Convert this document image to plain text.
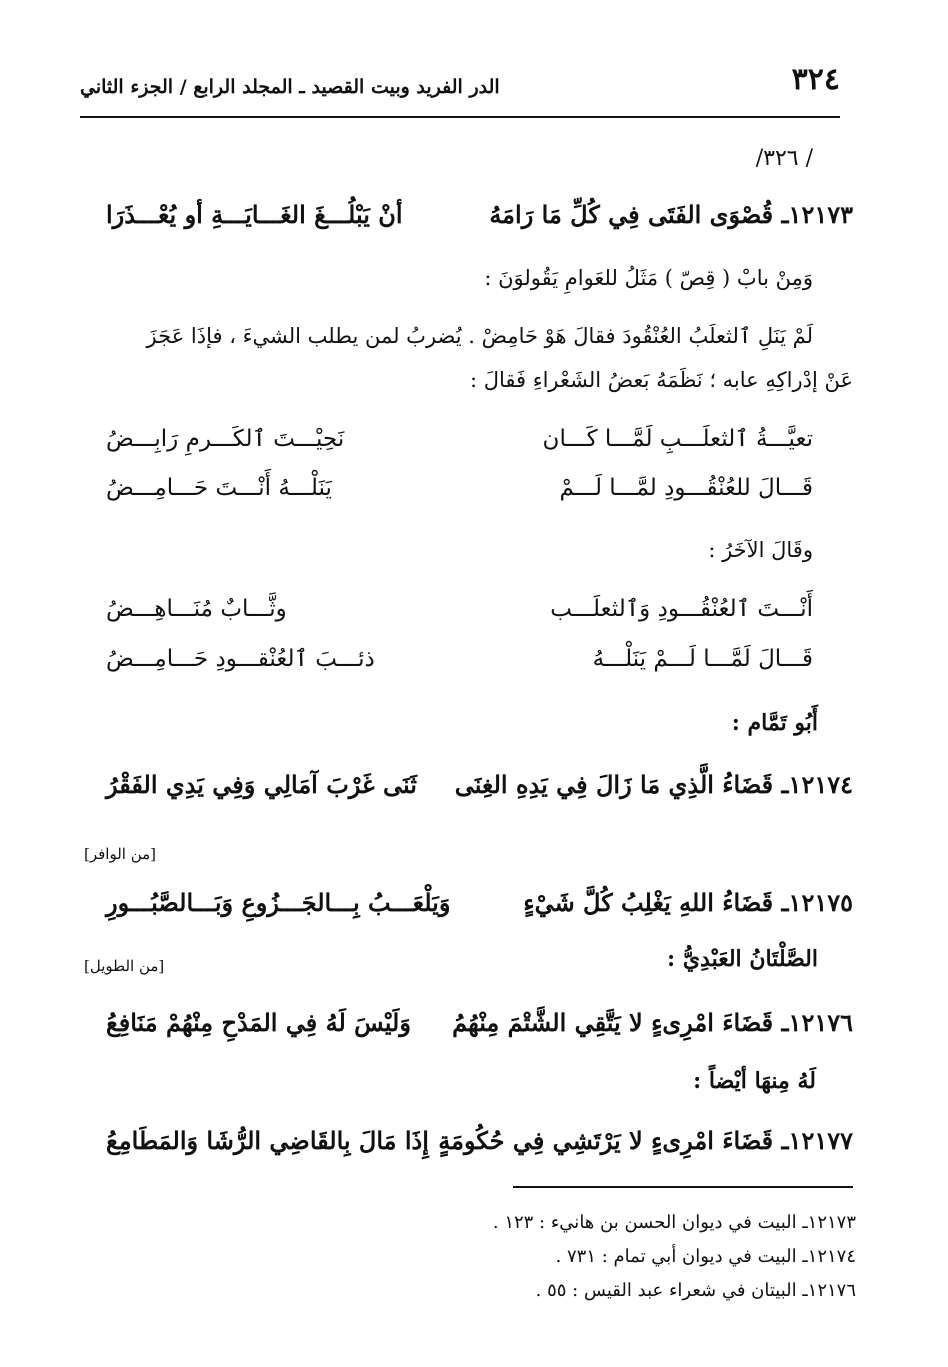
٣٢٤
الدر الفريد وبيت القصيد ـ المجلد الرابع / الجزء الثاني
/ ٣٢٦/
١٢١٧٣ـ قُصْوَى الفَتَى فِي كُلِّ مَا رَامَهُ
أنْ يَبْلُـــغَ الغَـــايَـــةِ أو يُعْـــذَرَا
وَمِنْ بابْ ( قِصّ ) مَثَلُ للعَوامِ يَقُولوَنَ :
لَمْ يَنَلِ ٱلثعلَبُ العُنْقُودَ فقالَ هَوْ حَامِضْ . يُضربُ لمن يطلب الشيءَ ، فإذَا عَجَزَ
عَنْ إدْراكِهِ عابه ؛ نَظَمَهُ بَعضُ الشَعْراءِ فَقالَ :
تعيَّـــةُ ٱلثعلَـــبِ لَمَّـــا كَـــان
نَحِيْـــتَ ٱلكَـــرمِ رَابِـــضُ
قَـــالَ للعُنْقُـــودِ لمَّـــا لَـــمْ
يَنَلْـــهُ أَنْـــتَ حَـــامِـــضُ
وقَالَ الآخَرُ :
أَنْـــتَ ٱلعُنْقُـــودِ وَٱلثعلَـــب
وثَّـــابٌ مُنَـــاهِـــضُ
قَـــالَ لَمَّـــا لَـــمْ يَنَلْـــهُ
ذئـــبَ ٱلعُنْقـــودِ حَـــامِـــضُ
أَبُو تَمَّام :
١٢١٧٤ـ قَضَاءُ الَّذِي مَا زَالَ فِي يَدِهِ الغِنَى
ثَنَى غَرْبَ آمَالِي وَفِي يَدِي الفَقْرُ
[من الوافر]
١٢١٧٥ـ قَضَاءُ اللهِ يَغْلِبُ كُلَّ شَيْءٍ
وَيَلْعَـــبُ بِـــالجَـــزُوعِ وَبَـــالصَّبُـــورِ
الصَّلْتَانُ العَبْدِيُّ :
[من الطويل]
١٢١٧٦ـ قَضَاءَ امْرِىءٍ لا يَتَّقِي الشَّتْمَ مِنْهُمُ
وَلَيْسَ لَهُ فِي المَدْحِ مِنْهُمْ مَنَافِعُ
لَهُ مِنهَا أيْضاً :
١٢١٧٧ـ قَضَاءَ امْرِىءٍ لا يَرْتَشِي فِي حُكُومَةٍ
إِذَا مَالَ بِالقَاضِي الرُّشَا وَالمَطَامِعُ
١٢١٧٣ـ البيت في ديوان الحسن بن هانيء : ١٢٣ .
١٢١٧٤ـ البيت في ديوان أبي تمام : ٧٣١ .
١٢١٧٦ـ البيتان في شعراء عبد القيس : ٥٥ .
